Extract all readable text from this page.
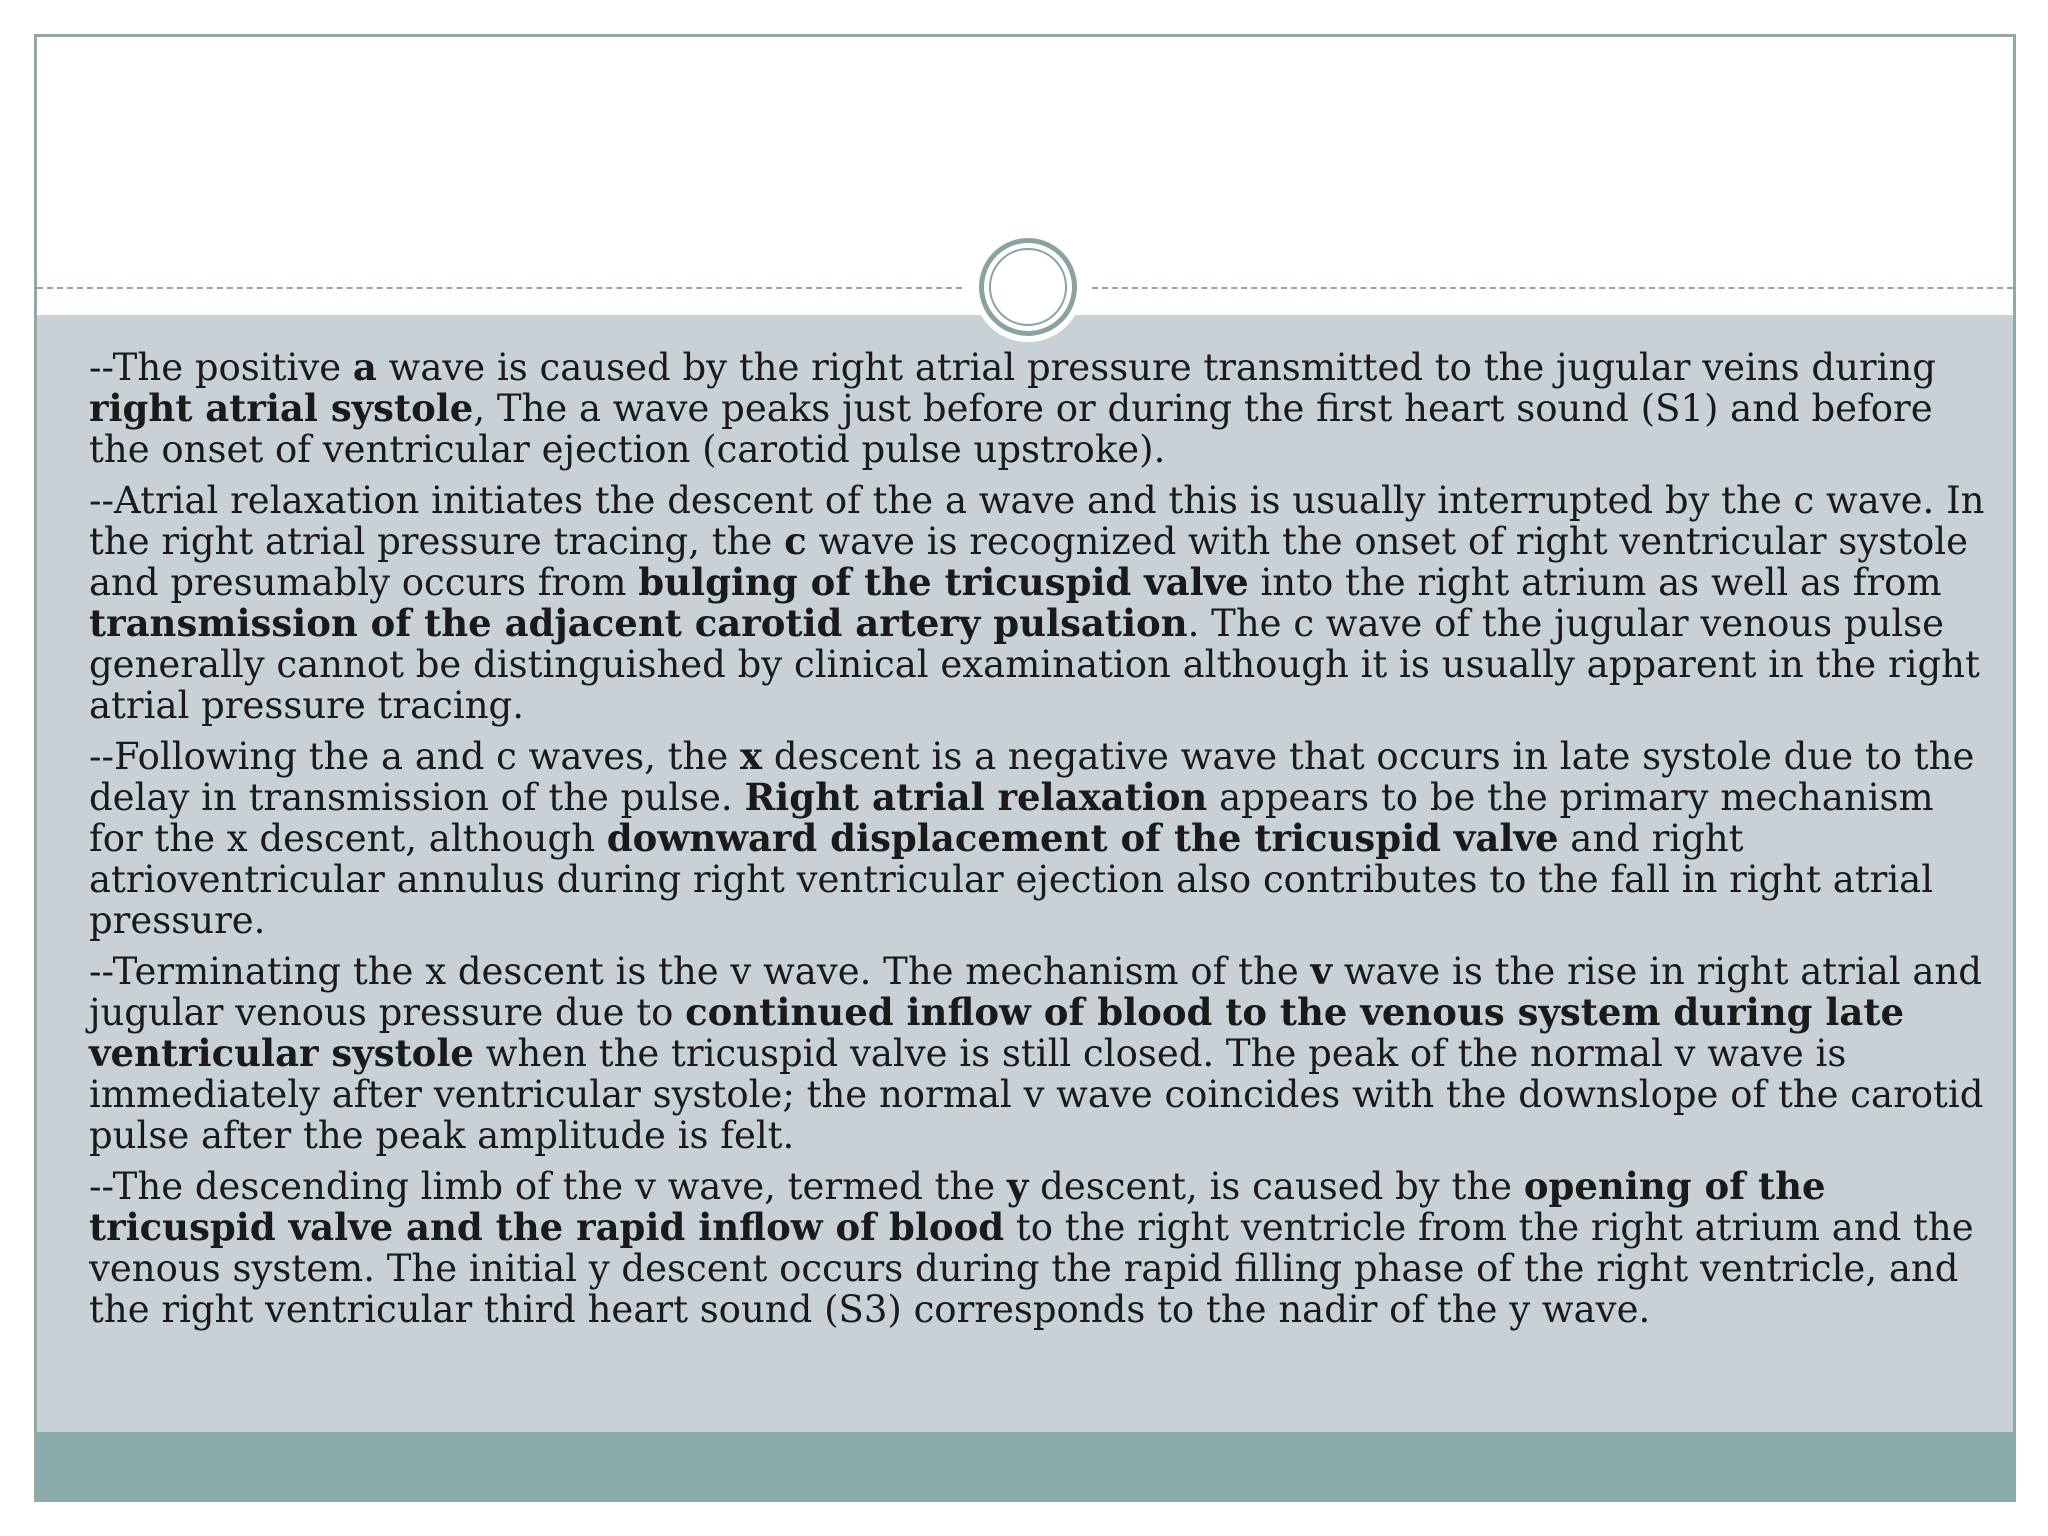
--The positive a wave is caused by the right atrial pressure transmitted to the jugular veins during right atrial systole, The a wave peaks just before or during the first heart sound (S1) and before the onset of ventricular ejection (carotid pulse upstroke).

--Atrial relaxation initiates the descent of the a wave and this is usually interrupted by the c wave. In the right atrial pressure tracing, the c wave is recognized with the onset of right ventricular systole and presumably occurs from bulging of the tricuspid valve into the right atrium as well as from transmission of the adjacent carotid artery pulsation. The c wave of the jugular venous pulse generally cannot be distinguished by clinical examination although it is usually apparent in the right atrial pressure tracing.

--Following the a and c waves, the x descent is a negative wave that occurs in late systole due to the delay in transmission of the pulse. Right atrial relaxation appears to be the primary mechanism for the x descent, although downward displacement of the tricuspid valve and right atrioventricular annulus during right ventricular ejection also contributes to the fall in right atrial pressure.

--Terminating the x descent is the v wave. The mechanism of the v wave is the rise in right atrial and jugular venous pressure due to continued inflow of blood to the venous system during late ventricular systole when the tricuspid valve is still closed. The peak of the normal v wave is immediately after ventricular systole; the normal v wave coincides with the downslope of the carotid pulse after the peak amplitude is felt.

--The descending limb of the v wave, termed the y descent, is caused by the opening of the tricuspid valve and the rapid inflow of blood to the right ventricle from the right atrium and the venous system. The initial y descent occurs during the rapid filling phase of the right ventricle, and the right ventricular third heart sound (S3) corresponds to the nadir of the y wave.
